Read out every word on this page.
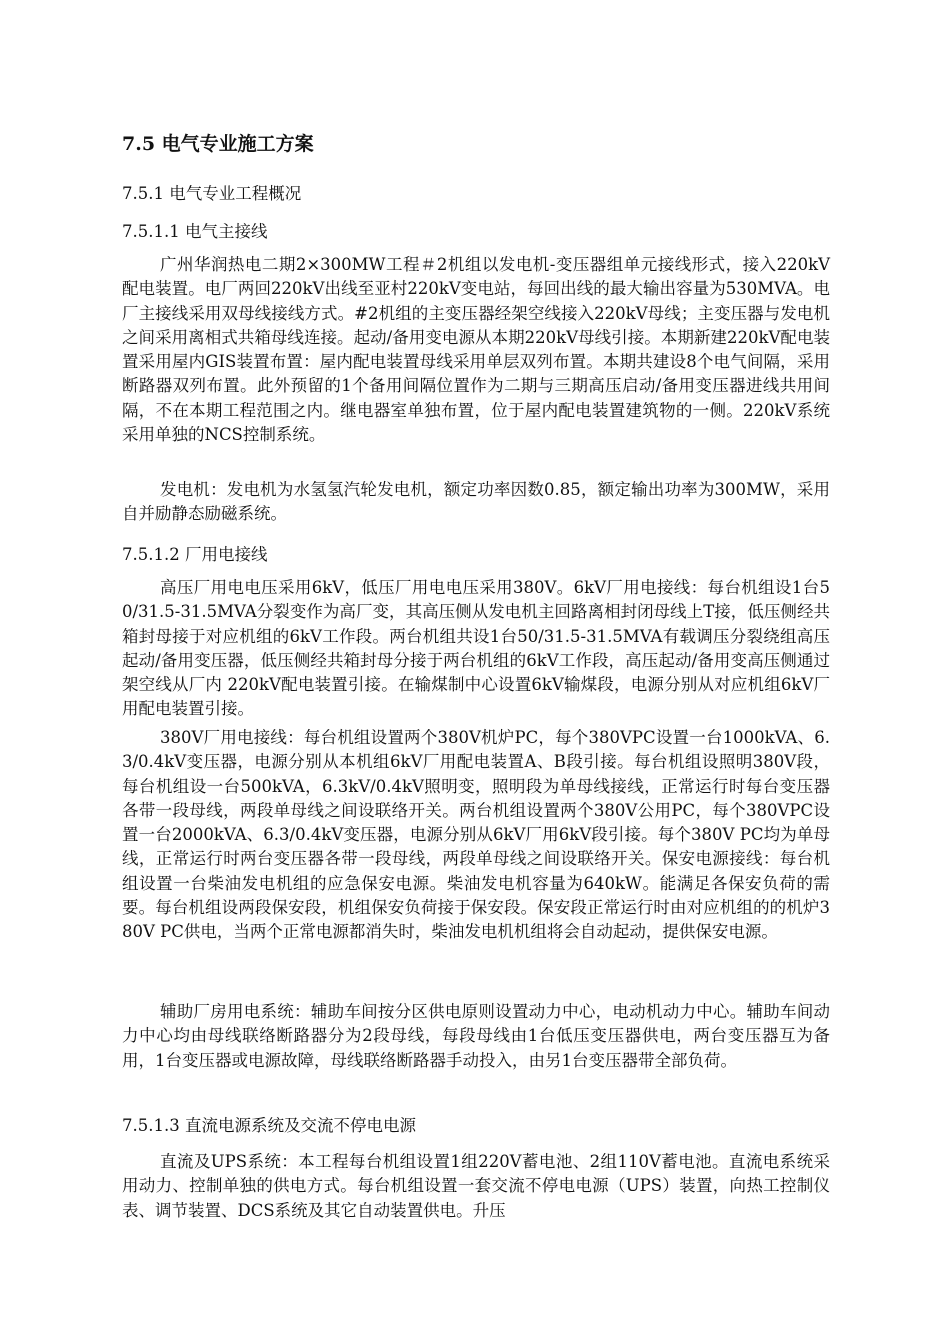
7.5 电气专业施工方案

7.5.1 电气专业工程概况

7.5.1.1 电气主接线

广州华润热电二期2×300MW工程＃2机组以发电机-变压器组单元接线形式，接入220kV配电装置。电厂两回220kV出线至亚村220kV变电站，每回出线的最大输出容量为530MVA。电厂主接线采用双母线接线方式。#2机组的主变压器经架空线接入220kV母线；主变压器与发电机之间采用离相式共箱母线连接。起动/备用变电源从本期220kV母线引接。本期新建220kV配电装置采用屋内GIS装置布置：屋内配电装置母线采用单层双列布置。本期共建设8个电气间隔，采用断路器双列布置。此外预留的1个备用间隔位置作为二期与三期高压启动/备用变压器进线共用间隔，不在本期工程范围之内。继电器室单独布置，位于屋内配电装置建筑物的一侧。220kV系统采用单独的NCS控制系统。

发电机：发电机为水氢氢汽轮发电机，额定功率因数0.85，额定输出功率为300MW，采用自并励静态励磁系统。

7.5.1.2 厂用电接线

高压厂用电电压采用6kV，低压厂用电电压采用380V。6kV厂用电接线：每台机组设1台50/31.5-31.5MVA分裂变作为高厂变，其高压侧从发电机主回路离相封闭母线上T接，低压侧经共箱封母接于对应机组的6kV工作段。两台机组共设1台50/31.5-31.5MVA有载调压分裂绕组高压起动/备用变压器，低压侧经共箱封母分接于两台机组的6kV工作段，高压起动/备用变高压侧通过架空线从厂内 220kV配电装置引接。在输煤制中心设置6kV输煤段，电源分别从对应机组6kV厂用配电装置引接。

380V厂用电接线：每台机组设置两个380V机炉PC，每个380VPC设置一台1000kVA、6.3/0.4kV变压器，电源分别从本机组6kV厂用配电装置A、B段引接。每台机组设照明380V段，每台机组设一台500kVA，6.3kV/0.4kV照明变，照明段为单母线接线，正常运行时每台变压器各带一段母线，两段单母线之间设联络开关。两台机组设置两个380V公用PC，每个380VPC设置一台2000kVA、6.3/0.4kV变压器，电源分别从6kV厂用6kV段引接。每个380V PC均为单母线，正常运行时两台变压器各带一段母线，两段单母线之间设联络开关。保安电源接线：每台机组设置一台柴油发电机组的应急保安电源。柴油发电机容量为640kW。能满足各保安负荷的需要。每台机组设两段保安段，机组保安负荷接于保安段。保安段正常运行时由对应机组的的机炉380V PC供电，当两个正常电源都消失时，柴油发电机机组将会自动起动，提供保安电源。

辅助厂房用电系统：辅助车间按分区供电原则设置动力中心，电动机动力中心。辅助车间动力中心均由母线联络断路器分为2段母线，每段母线由1台低压变压器供电，两台变压器互为备用，1台变压器或电源故障，母线联络断路器手动投入，由另1台变压器带全部负荷。

7.5.1.3 直流电源系统及交流不停电电源

直流及UPS系统：本工程每台机组设置1组220V蓄电池、2组110V蓄电池。直流电系统采用动力、控制单独的供电方式。每台机组设置一套交流不停电电源（UPS）装置，向热工控制仪表、调节装置、DCS系统及其它自动装置供电。升压
